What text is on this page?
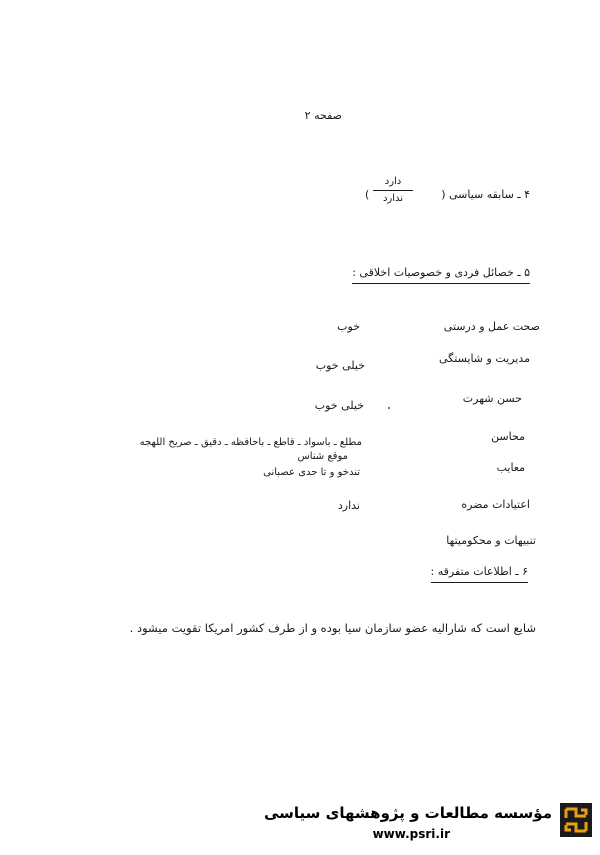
صفحه ۲
۴ ـ سابقه سیاسی (
دارد
ندارد
)
۵ ـ خصائل فردی و خصوصیات اخلاقی :
صحت عمل و درستی
خوب
مدیریت و شایستگی
خیلی خوب
حسن شهرت
خیلی خوب
محاسن
مطلع ـ باسواد ـ قاطع ـ باحافظه ـ دقیق ـ صریح اللهجه
موقع شناس
معایب
تندخو و تا حدی عصبانی
اعتیادات مضره
ندارد
تنبیهات و محکومیتها
۶ ـ اطلاعات متفرقه :
شایع است که شارالیه عضو سازمان سیا بوده و از طرف کشور امریکا تقویت میشود .
مؤسسه مطالعات و پژوهشهای سیاسی
www.psri.ir
